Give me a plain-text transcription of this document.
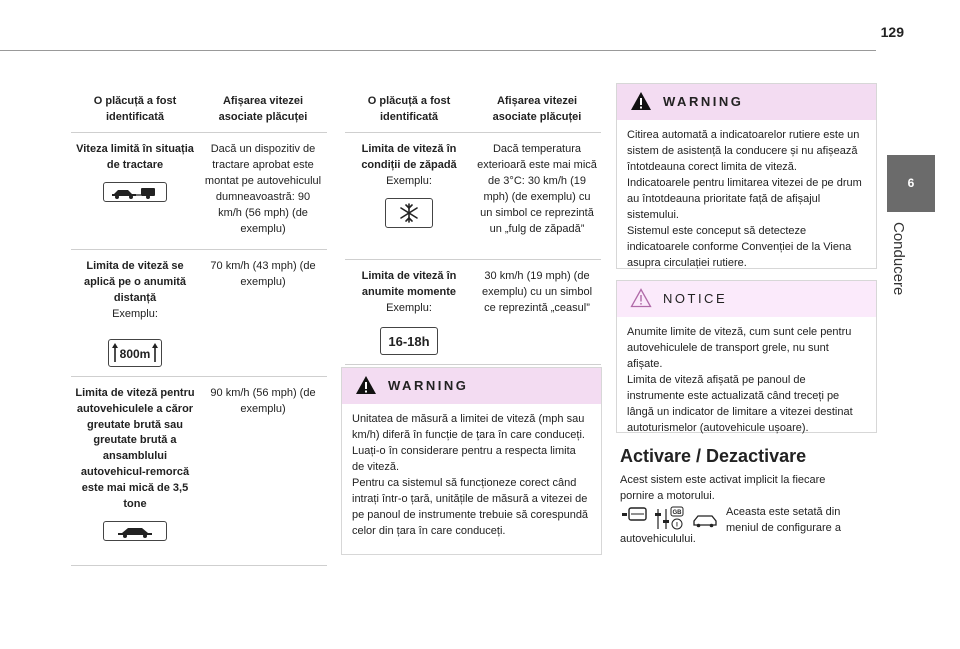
129
6
Conducere
O plăcuță a fost identificată	Afișarea vitezei asociate plăcuței

Viteza limită în situația de tractare	Dacă un dispozitiv de tractare aprobat este montat pe autovehiculul dumneavoastră: 90 km/h (56 mph) (de exemplu)

Limita de viteză se aplică pe o anumită distanță
Exemplu:
800m	70 km/h (43 mph) (de exemplu)

Limita de viteză pentru autovehiculele a căror greutate brută sau greutate brută a ansamblului autovehicul-remorcă este mai mică de 3,5 tone	90 km/h (56 mph) (de exemplu)
O plăcuță a fost identificată	Afișarea vitezei asociate plăcuței

Limita de viteză în condiții de zăpadă
Exemplu:	Dacă temperatura exterioară este mai mică de 3°C: 30 km/h (19 mph) (de exemplu) cu un simbol ce reprezintă un „fulg de zăpadă”

Limita de viteză în anumite momente
Exemplu:
16-18h	30 km/h (19 mph) (de exemplu) cu un simbol ce reprezintă „ceasul”
WARNING
Unitatea de măsură a limitei de viteză (mph sau km/h) diferă în funcție de țara în care conduceți.
Luați-o în considerare pentru a respecta limita de viteză.
Pentru ca sistemul să funcționeze corect când intrați într-o țară, unitățile de măsură a vitezei de pe panoul de instrumente trebuie să corespundă celor din țara în care conduceți.
WARNING
Citirea automată a indicatoarelor rutiere este un sistem de asistență la conducere și nu afișează întotdeauna corect limita de viteză.
Indicatoarele pentru limitarea vitezei de pe drum au întotdeauna prioritate față de afișajul sistemului.
Sistemul este conceput să detecteze indicatoarele conforme Convenției de la Viena asupra circulației rutiere.
NOTICE
Anumite limite de viteză, cum sunt cele pentru autovehiculele de transport grele, nu sunt afișate.
Limita de viteză afișată pe panoul de instrumente este actualizată când treceți pe lângă un indicator de limitare a vitezei destinat autoturismelor (autovehicule ușoare).
Activare / Dezactivare
Acest sistem este activat implicit la fiecare pornire a motorului.
GB
I
Aceasta este setată din meniul de configurare a
autovehiculului.
